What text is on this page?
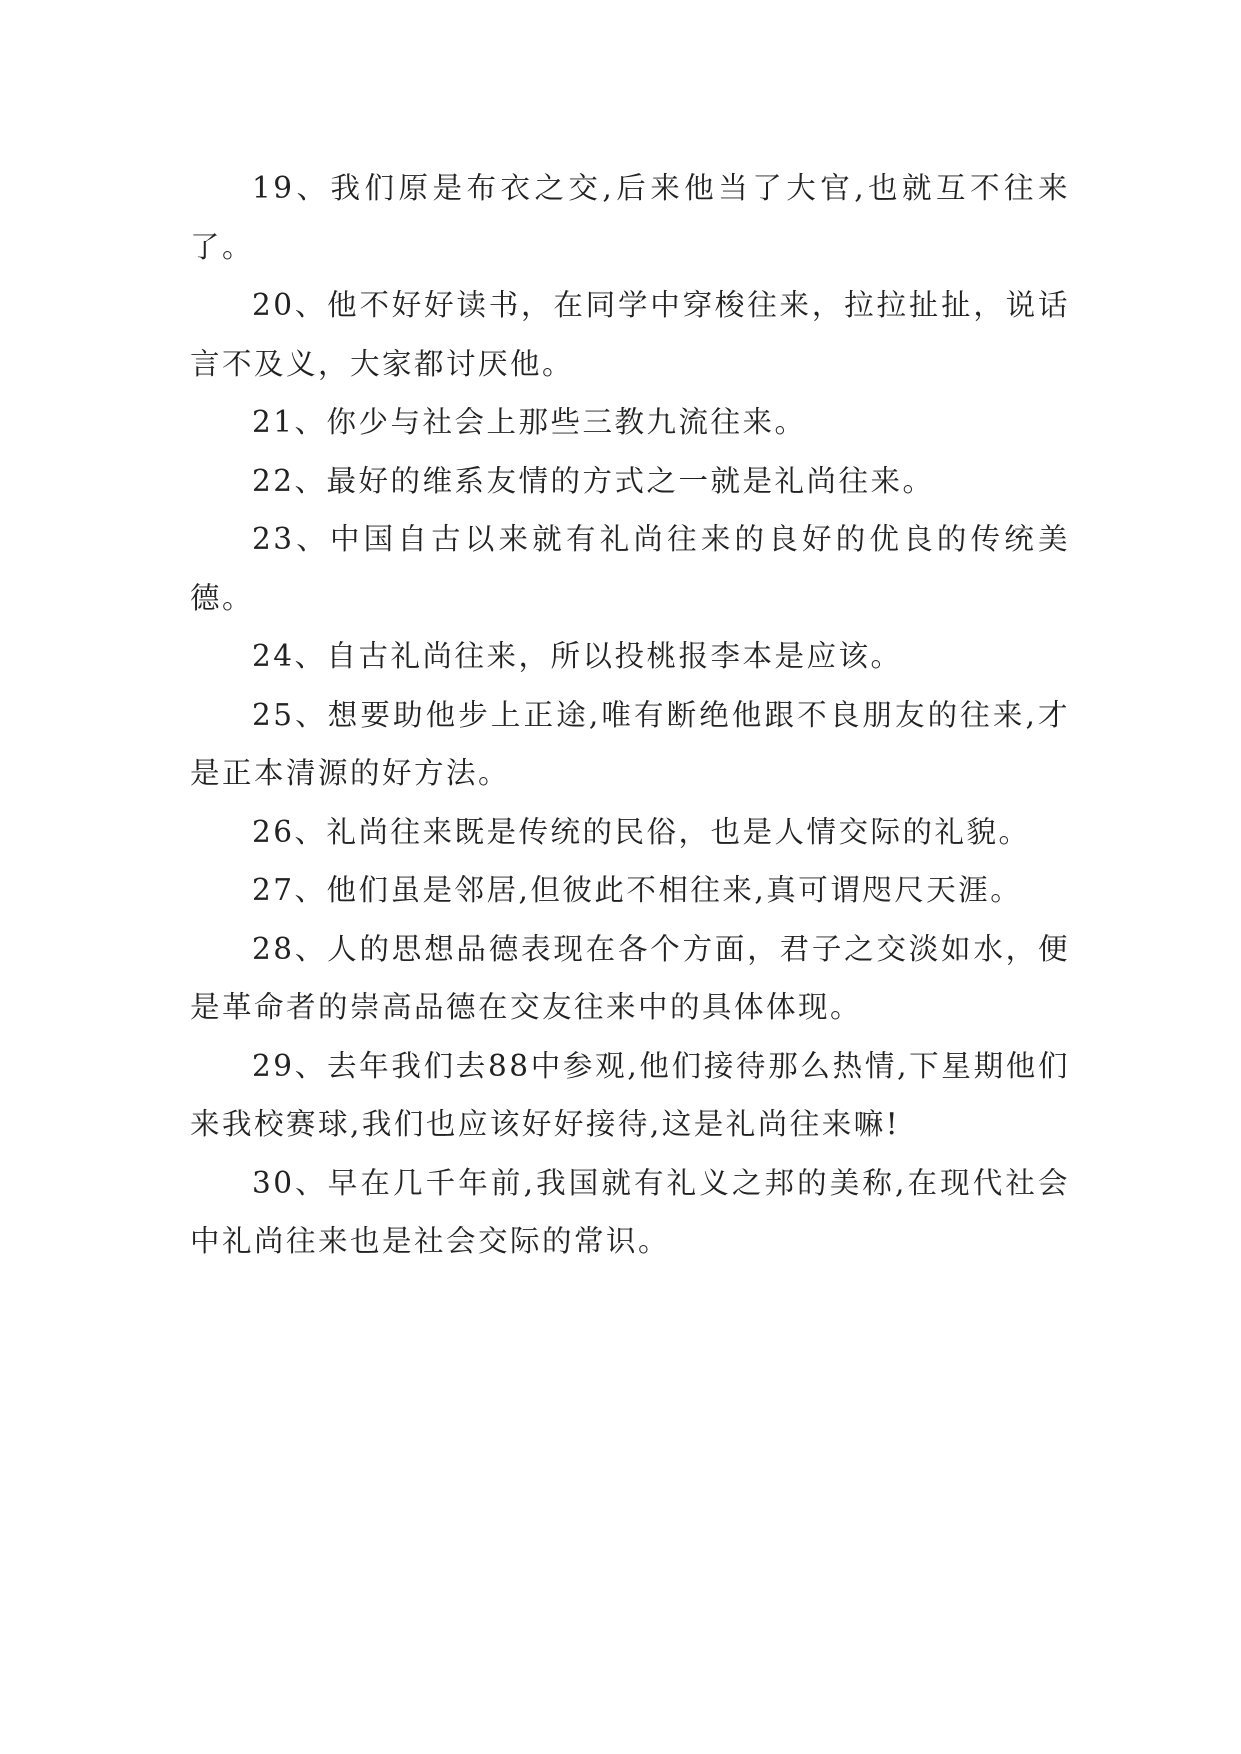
19、我们原是布衣之交,后来他当了大官,也就互不往来了。

20、他不好好读书，在同学中穿梭往来，拉拉扯扯，说话言不及义，大家都讨厌他。

21、你少与社会上那些三教九流往来。

22、最好的维系友情的方式之一就是礼尚往来。

23、中国自古以来就有礼尚往来的良好的优良的传统美德。

24、自古礼尚往来，所以投桃报李本是应该。

25、想要助他步上正途,唯有断绝他跟不良朋友的往来,才是正本清源的好方法。

26、礼尚往来既是传统的民俗，也是人情交际的礼貌。

27、他们虽是邻居,但彼此不相往来,真可谓咫尺天涯。

28、人的思想品德表现在各个方面，君子之交淡如水，便是革命者的崇高品德在交友往来中的具体体现。

29、去年我们去88中参观,他们接待那么热情,下星期他们来我校赛球,我们也应该好好接待,这是礼尚往来嘛!

30、早在几千年前,我国就有礼义之邦的美称,在现代社会中礼尚往来也是社会交际的常识。
